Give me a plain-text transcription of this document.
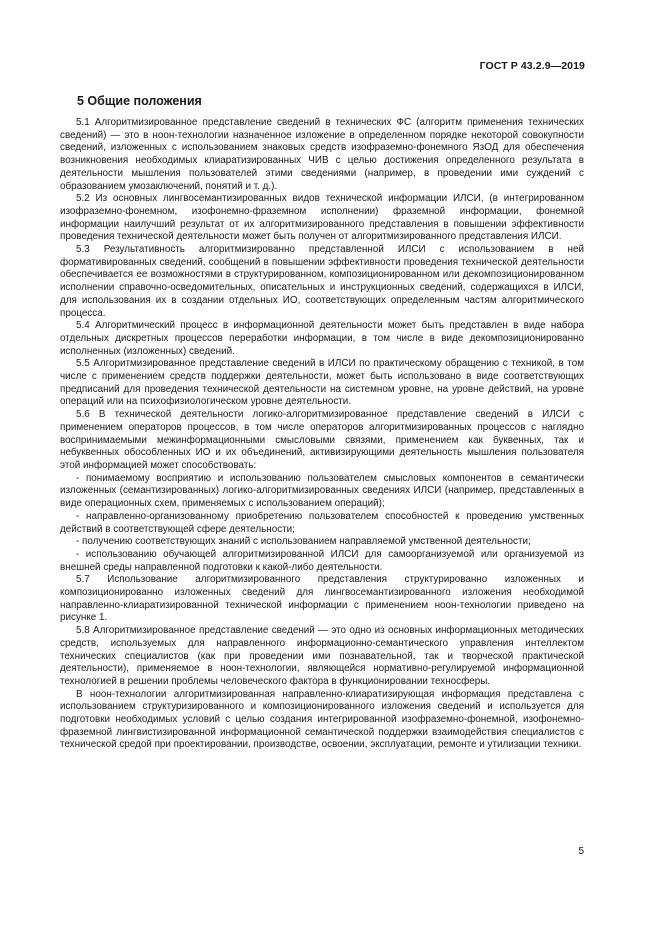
ГОСТ Р 43.2.9—2019
5 Общие положения

5.1 Алгоритмизированное представление сведений в технических ФС (алгоритм применения технических сведений) — это в ноон-технологии назначенное изложение в определенном порядке некоторой совокупности сведений, изложенных с использованием знаковых средств изофраземно-фонемного ЯзОД для обеспечения возникновения необходимых клиаратизированных ЧИВ с целью достижения определенного результата в деятельности мышления пользователей этими сведениями (например, в проведении ими суждений с образованием умозаключений, понятий и т. д.).

5.2 Из основных лингвосемантизированных видов технической информации ИЛСИ, (в интегрированном изофраземно-фонемном, изофонемно-фраземном исполнении) фраземной информации, фонемной информации наилучший результат от их алгоритмизированного представления в повышении эффективности проведения технической деятельности может быть получен от алгоритмизированного представления ИЛСИ.

5.3 Результативность алгоритмизированно представленной ИЛСИ с использованием в ней формативированных сведений, сообщений в повышении эффективности проведения технической деятельности обеспечивается ее возможностями в структурированном, композиционированном или декомпозиционированном исполнении справочно-осведомительных, описательных и инструкционных сведений, содержащихся в ИЛСИ, для использования их в создании отдельных ИО, соответствующих определенным частям алгоритмического процесса.

5.4 Алгоритмический процесс в информационной деятельности может быть представлен в виде набора отдельных дискретных процессов переработки информации, в том числе в виде декомпозиционированно исполненных (изложенных) сведений.

5.5 Алгоритмизированное представление сведений в ИЛСИ по практическому обращению с техникой, в том числе с применением средств поддержки деятельности, может быть использовано в виде соответствующих предписаний для проведения технической деятельности на системном уровне, на уровне действий, на уровне операций или на психофизиологическом уровне деятельности.

5.6 В технической деятельности логико-алгоритмизированное представление сведений в ИЛСИ с применением операторов процессов, в том числе операторов алгоритмизированных процессов с наглядно воспринимаемыми межинформационными смысловыми связями, применением как буквенных, так и небуквенных обособленных ИО и их объединений, активизирующими деятельность мышления пользователя этой информацией может способствовать:

- понимаемому восприятию и использованию пользователем смысловых компонентов в семантически изложенных (семантизированных) логико-алгоритмизированных сведениях ИЛСИ (например, представленных в виде операционных схем, применяемых с использованием операций);
- направленно-организованному приобретению пользователем способностей к проведению умственных действий в соответствующей сфере деятельности;
- получению соответствующих знаний с использованием направляемой умственной деятельности;
- использованию обучающей алгоритмизированной ИЛСИ для самоорганизуемой или организуемой из внешней среды направленной подготовки к какой-либо деятельности.

5.7 Использование алгоритмизированного представления структурированно изложенных и композиционированно изложенных сведений для лингвосемантизированного изложения необходимой направленно-клиаратизированной технической информации с применением ноон-технологии приведено на рисунке 1.

5.8 Алгоритмизированное представление сведений — это одно из основных информационных методических средств, используемых для направленного информационно-семантического управления интеллектом технических специалистов (как при проведении ими познавательной, так и творческой практической деятельности), применяемое в ноон-технологии, являющейся нормативно-регулируемой информационной технологией в решении проблемы человеческого фактора в функционировании техносферы.

В ноон-технологии алгоритмизированная направленно-клиаратизирующая информация представлена с использованием структуризированного и композиционированного изложения сведений и используется для подготовки необходимых условий с целью создания интегрированной изофраземно-фонемной, изофонемно-фраземной лингвистизированной информационной семантической поддержки взаимодействия специалистов с технической средой при проектировании, производстве, освоении, эксплуатации, ремонте и утилизации техники.

5
